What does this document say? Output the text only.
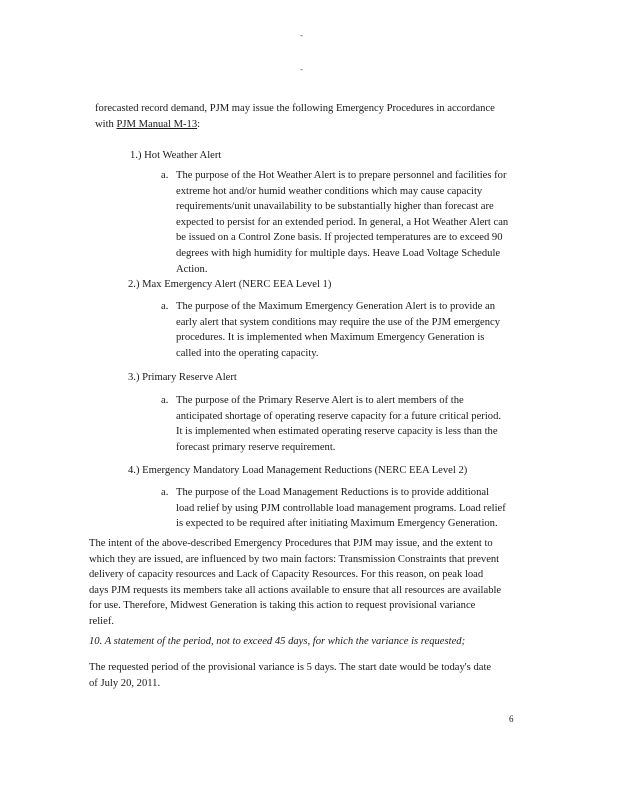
-
-
forecasted record demand, PJM may issue the following Emergency Procedures in accordance
with PJM Manual M-13:
1.) Hot Weather Alert
a. The purpose of the Hot Weather Alert is to prepare personnel and facilities for
extreme hot and/or humid weather conditions which may cause capacity
requirements/unit unavailability to be substantially higher than forecast are
expected to persist for an extended period. In general, a Hot Weather Alert can
be issued on a Control Zone basis. If projected temperatures are to exceed 90
degrees with high humidity for multiple days. Heave Load Voltage Schedule
Action.
2.) Max Emergency Alert (NERC EEA Level 1)
a. The purpose of the Maximum Emergency Generation Alert is to provide an
early alert that system conditions may require the use of the PJM emergency
procedures. It is implemented when Maximum Emergency Generation is
called into the operating capacity.
3.) Primary Reserve Alert
a. The purpose of the Primary Reserve Alert is to alert members of the
anticipated shortage of operating reserve capacity for a future critical period.
It is implemented when estimated operating reserve capacity is less than the
forecast primary reserve requirement.
4.) Emergency Mandatory Load Management Reductions (NERC EEA Level 2)
a. The purpose of the Load Management Reductions is to provide additional
load relief by using PJM controllable load management programs. Load relief
is expected to be required after initiating Maximum Emergency Generation.
The intent of the above-described Emergency Procedures that PJM may issue, and the extent to
which they are issued, are influenced by two main factors: Transmission Constraints that prevent
delivery of capacity resources and Lack of Capacity Resources. For this reason, on peak load
days PJM requests its members take all actions available to ensure that all resources are available
for use. Therefore, Midwest Generation is taking this action to request provisional variance
relief.
10. A statement of the period, not to exceed 45 days, for which the variance is requested;
The requested period of the provisional variance is 5 days. The start date would be today's date
of July 20, 2011.
6
